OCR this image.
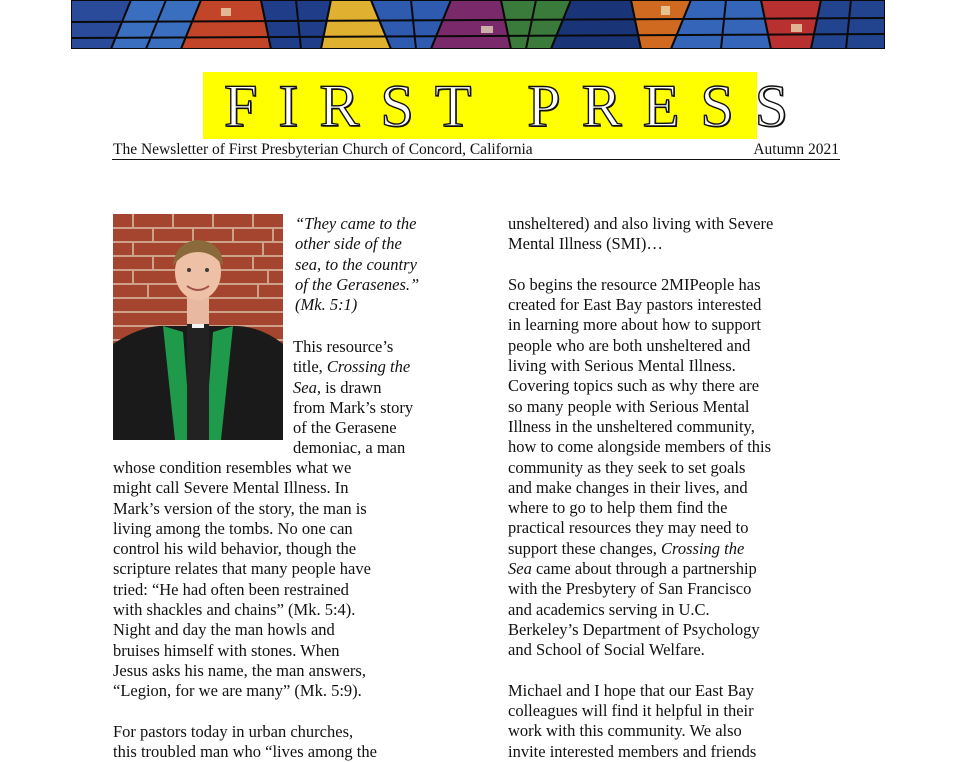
FIRST PRESS
The Newsletter of First Presbyterian Church of Concord, California	Autumn 2021
“They came to the
other side of the
sea, to the country
of the Gerasenes.”
(Mk. 5:1)
This resource’s
title, Crossing the
Sea, is drawn
from Mark’s story
of the Gerasene
demoniac, a man
whose condition resembles what we
might call Severe Mental Illness. In
Mark’s version of the story, the man is
living among the tombs. No one can
control his wild behavior, though the
scripture relates that many people have
tried: “He had often been restrained
with shackles and chains” (Mk. 5:4).
Night and day the man howls and
bruises himself with stones. When
Jesus asks his name, the man answers,
“Legion, for we are many” (Mk. 5:9).
For pastors today in urban churches,
this troubled man who “lives among the
unsheltered) and also living with Severe
Mental Illness (SMI)…
So begins the resource 2MIPeople has
created for East Bay pastors interested
in learning more about how to support
people who are both unsheltered and
living with Serious Mental Illness.
Covering topics such as why there are
so many people with Serious Mental
Illness in the unsheltered community,
how to come alongside members of this
community as they seek to set goals
and make changes in their lives, and
where to go to help them find the
practical resources they may need to
support these changes, Crossing the
Sea came about through a partnership
with the Presbytery of San Francisco
and academics serving in U.C.
Berkeley’s Department of Psychology
and School of Social Welfare.
Michael and I hope that our East Bay
colleagues will find it helpful in their
work with this community. We also
invite interested members and friends
